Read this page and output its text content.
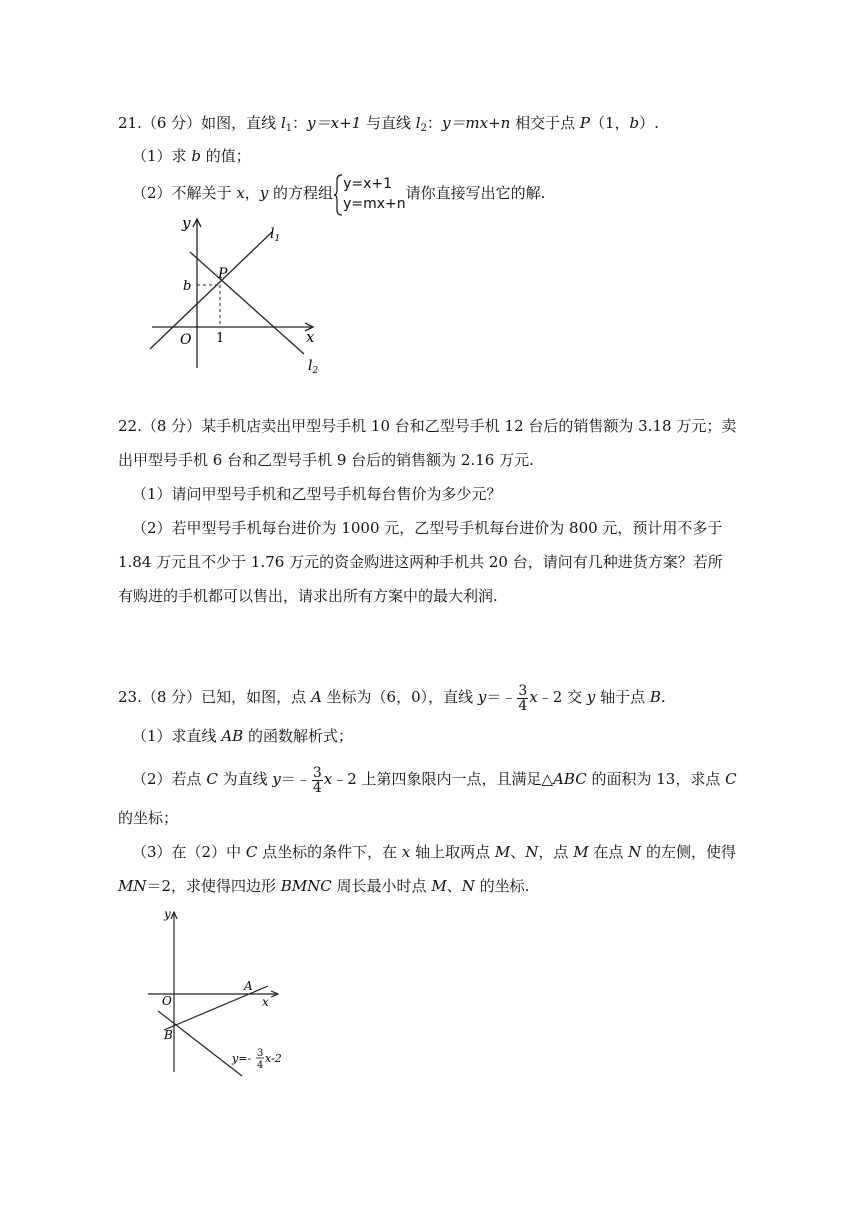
21.（6 分）如图，直线 $l_1$：y＝x+1 与直线 $l_2$：y＝mx+n 相交于点 P（1，b）.
（1）求 b 的值；
（2）不解关于 x，y 的方程组 y=x+1
y=mx+n
请你直接写出它的解.
y
x
O
P
b
1
$l_1$
$l_2$
22.（8 分）某手机店卖出甲型号手机 10 台和乙型号手机 12 台后的销售额为 3.18 万元；卖
出甲型号手机 6 台和乙型号手机 9 台后的销售额为 2.16 万元.
（1）请问甲型号手机和乙型号手机每台售价为多少元？
（2）若甲型号手机每台进价为 1000 元，乙型号手机每台进价为 800 元，预计用不多于
1.84 万元且不少于 1.76 万元的资金购进这两种手机共 20 台，请问有几种进货方案？若所
有购进的手机都可以售出，请求出所有方案中的最大利润.
23.（8 分）已知，如图，点 A 坐标为（6，0），直线 y＝﹣ $\frac{3}{4}$ x﹣2 交 y 轴于点 B.
（1）求直线 AB 的函数解析式；
（2）若点 C 为直线 y＝﹣ $\frac{3}{4}$ x﹣2 上第四象限内一点，且满足△ABC 的面积为 13，求点 C
的坐标；
（3）在（2）中 C 点坐标的条件下，在 x 轴上取两点 M、N，点 M 在点 N 的左侧，使得
MN＝2，求使得四边形 BMNC 周长最小时点 M、N 的坐标.
y
x
O
A
B
y=- 3
4
x-2
